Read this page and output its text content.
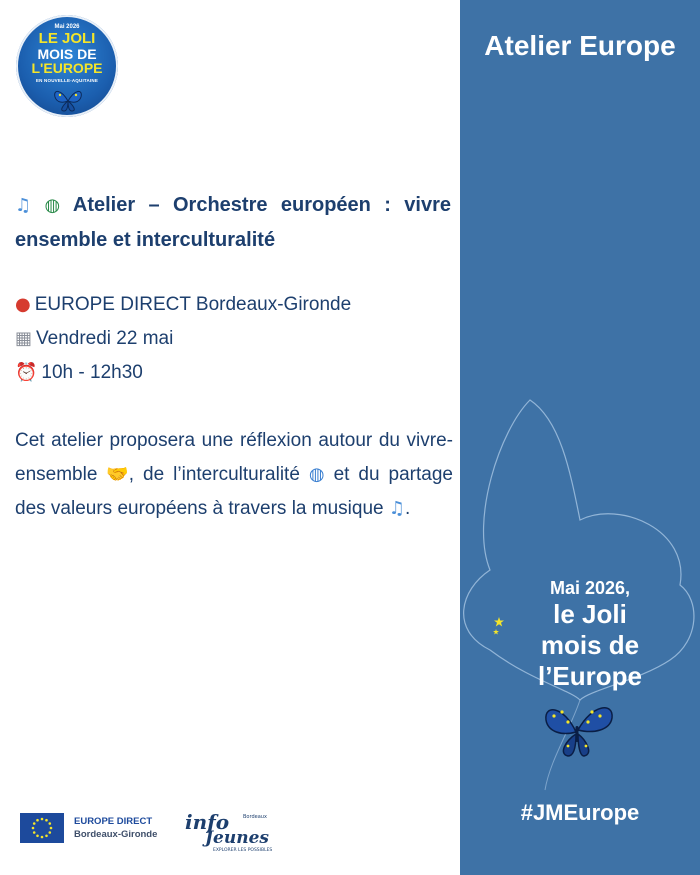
Mai 2026
LE JOLI
MOIS DE
L'EUROPE
EN NOUVELLE-AQUITAINE
♫ ◍ Atelier – Orchestre européen : vivre ensemble et interculturalité
● EUROPE DIRECT Bordeaux-Gironde
▦ Vendredi 22 mai
⏰ 10h - 12h30
Cet atelier proposera une réflexion autour du vivre-ensemble 🤝, de l’interculturalité ◍ et du partage des valeurs européens à travers la musique ♫.
EUROPE DIRECT
Bordeaux-Gironde
info	Bordeaux
Jeunes
EXPLORER LES POSSIBLES
Atelier Europe
Mai 2026,
le Joli
mois de
l’Europe
#JMEurope
